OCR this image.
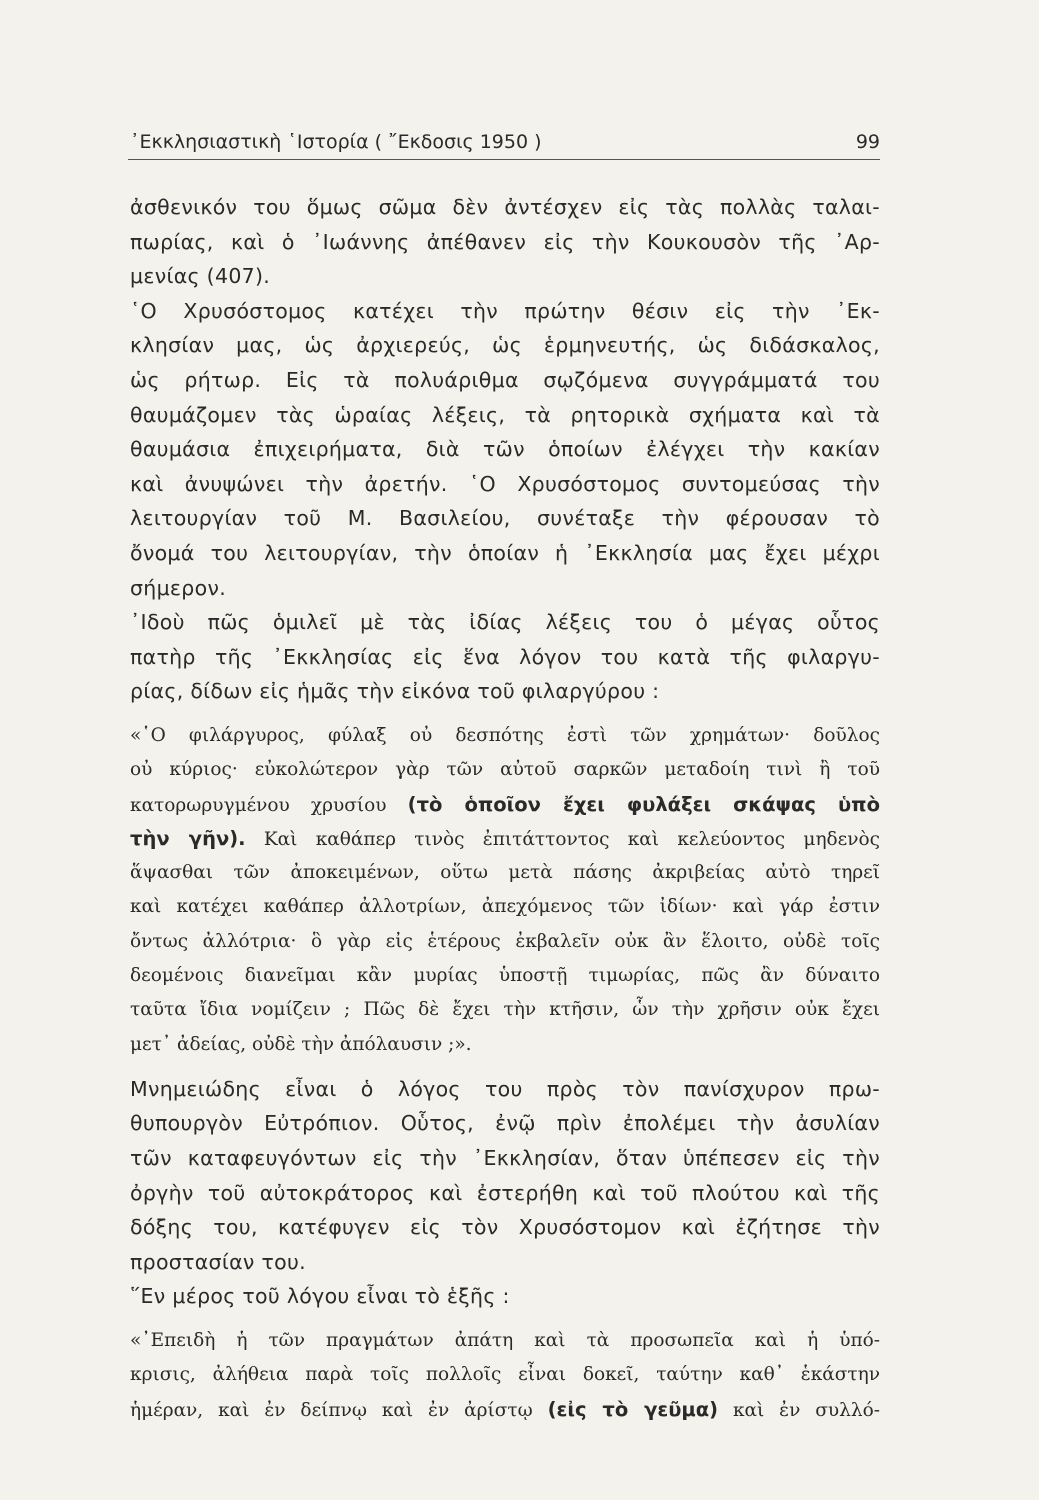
᾿Εκκλησιαστικὴ ῾Ιστορία ( ῎Εκδοσις 1950 )	99
ἀσθενικόν του ὅμως σῶμα δὲν ἀντέσχεν εἰς τὰς πολλὰς ταλαι-
πωρίας, καὶ ὁ ᾿Ιωάννης ἀπέθανεν εἰς τὴν Κουκουσὸν τῆς ᾿Αρ-
μενίας (407).
῾Ο Χρυσόστομος κατέχει τὴν πρώτην θέσιν εἰς τὴν ᾿Εκ-
κλησίαν μας, ὡς ἀρχιερεύς, ὡς ἑρμηνευτής, ὡς διδάσκαλος,
ὡς ρήτωρ. Εἰς τὰ πολυάριθμα σῳζόμενα συγγράμματά του
θαυμάζομεν τὰς ὡραίας λέξεις, τὰ ρητορικὰ σχήματα καὶ τὰ
θαυμάσια ἐπιχειρήματα, διὰ τῶν ὁποίων ἐλέγχει τὴν κακίαν
καὶ ἀνυψώνει τὴν ἀρετήν. ῾Ο Χρυσόστομος συντομεύσας τὴν
λειτουργίαν τοῦ Μ. Βασιλείου, συνέταξε τὴν φέρουσαν τὸ
ὄνομά του λειτουργίαν, τὴν ὁποίαν ἡ ᾿Εκκλησία μας ἔχει μέχρι
σήμερον.
᾿Ιδοὺ πῶς ὁμιλεῖ μὲ τὰς ἰδίας λέξεις του ὁ μέγας οὗτος
πατὴρ τῆς ᾿Εκκλησίας εἰς ἕνα λόγον του κατὰ τῆς φιλαργυ-
ρίας, δίδων εἰς ἡμᾶς τὴν εἰκόνα τοῦ φιλαργύρου :
«῾Ο φιλάργυρος, φύλαξ οὐ δεσπότης ἐστὶ τῶν χρημάτων· δοῦλος
οὐ κύριος· εὐκολώτερον γὰρ τῶν αὐτοῦ σαρκῶν μεταδοίη τινὶ ἢ τοῦ
κατορωρυγμένου χρυσίου (τὸ ὁποῖον ἔχει φυλάξει σκάψας ὑπὸ
τὴν γῆν). Καὶ καθάπερ τινὸς ἐπιτάττοντος καὶ κελεύοντος μηδενὸς
ἅψασθαι τῶν ἀποκειμένων, οὕτω μετὰ πάσης ἀκριβείας αὐτὸ τηρεῖ
καὶ κατέχει καθάπερ ἀλλοτρίων, ἀπεχόμενος τῶν ἰδίων· καὶ γάρ ἐστιν
ὄντως ἀλλότρια· ὃ γὰρ εἰς ἑτέρους ἐκβαλεῖν οὐκ ἂν ἕλοιτο, οὐδὲ τοῖς
δεομένοις διανεῖμαι κἂν μυρίας ὑποστῇ τιμωρίας, πῶς ἂν δύναιτο
ταῦτα ἴδια νομίζειν ; Πῶς δὲ ἔχει τὴν κτῆσιν, ὧν τὴν χρῆσιν οὐκ ἔχει
μετ᾿ ἀδείας, οὐδὲ τὴν ἀπόλαυσιν ;».
Μνημειώδης εἶναι ὁ λόγος του πρὸς τὸν πανίσχυρον πρω-
θυπουργὸν Εὐτρόπιον. Οὗτος, ἐνῷ πρὶν ἐπολέμει τὴν ἀσυλίαν
τῶν καταφευγόντων εἰς τὴν ᾿Εκκλησίαν, ὅταν ὑπέπεσεν εἰς τὴν
ὀργὴν τοῦ αὐτοκράτορος καὶ ἐστερήθη καὶ τοῦ πλούτου καὶ τῆς
δόξης του, κατέφυγεν εἰς τὸν Χρυσόστομον καὶ ἐζήτησε τὴν
προστασίαν του.
῞Εν μέρος τοῦ λόγου εἶναι τὸ ἑξῆς :
«᾿Επειδὴ ἡ τῶν πραγμάτων ἀπάτη καὶ τὰ προσωπεῖα καὶ ἡ ὑπό-
κρισις, ἀλήθεια παρὰ τοῖς πολλοῖς εἶναι δοκεῖ, ταύτην καθ᾿ ἑκάστην
ἡμέραν, καὶ ἐν δείπνῳ καὶ ἐν ἀρίστῳ (εἰς τὸ γεῦμα) καὶ ἐν συλλό-
